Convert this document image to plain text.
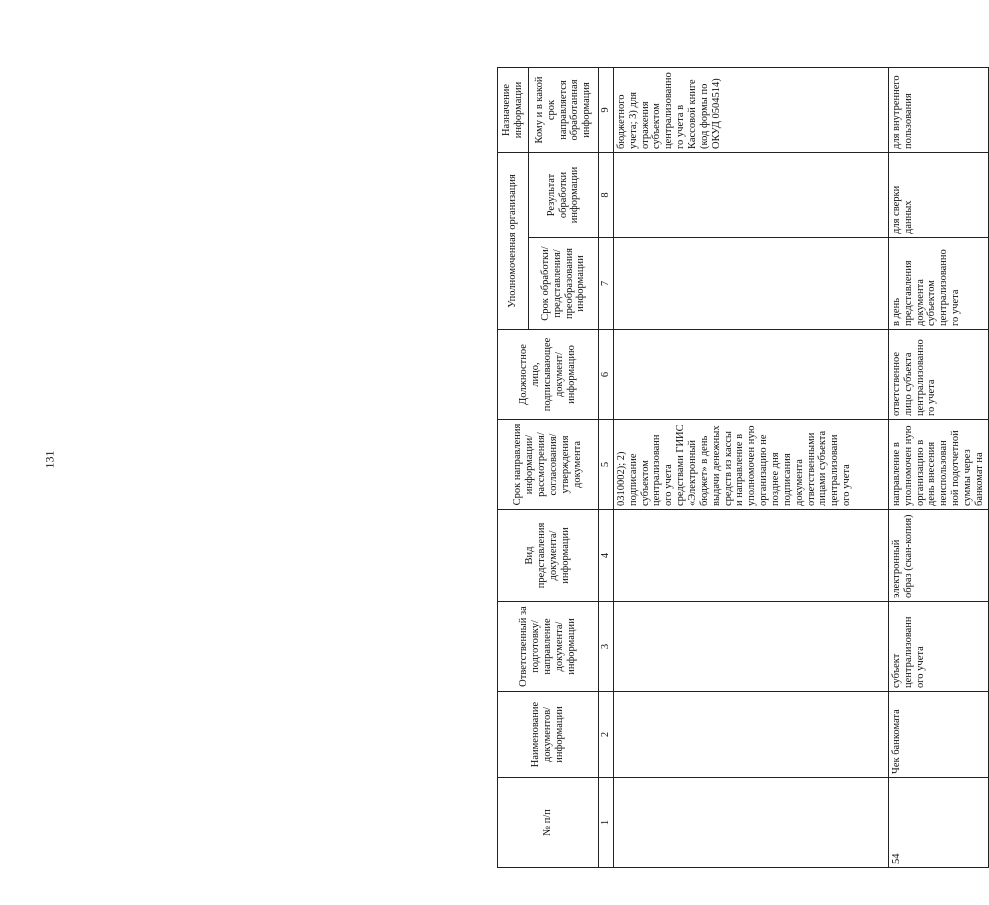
131
№ п/п	Наименование документов/ информации	Ответственный за подготовку/ направление документа/ информации	Вид представления документа/ информации	Срок направления информации/ рассмотрения/ согласования/ утверждения документа	Должностное лицо, подписывающее документ/ информацию	Уполномоченная организация		Назначение информации
						Срок обработки/ представления/ преобразования информации	Результат обработки информации	Кому и в какой срок направляется обработанная информация
1	2	3	4	5	6	7	8	9
				0310002); 2) подписание субъектом централизованн ого учета средствами ГИИС «Электронный бюджет» в день выдачи денежных средств из кассы и направление в уполномочен ную организацию не позднее дня подписания документа ответственными лицами субъекта централизовани ого учета				бюджетного учета; 3) для отражения субъектом централизованно го учета в Кассовой книге (код формы по ОКУД 0504514)
54	Чек банкомата	субъект централизованн ого учета	электронный образ (скан-копия)	направление в уполномочен ную организацию в день внесения неиспользован ной подотчетной суммы через банкомат на	ответственное лицо субъекта централизованно го учета	в день представления документа субъектом централизованно го учета	для сверки данных	для внутреннего пользования
